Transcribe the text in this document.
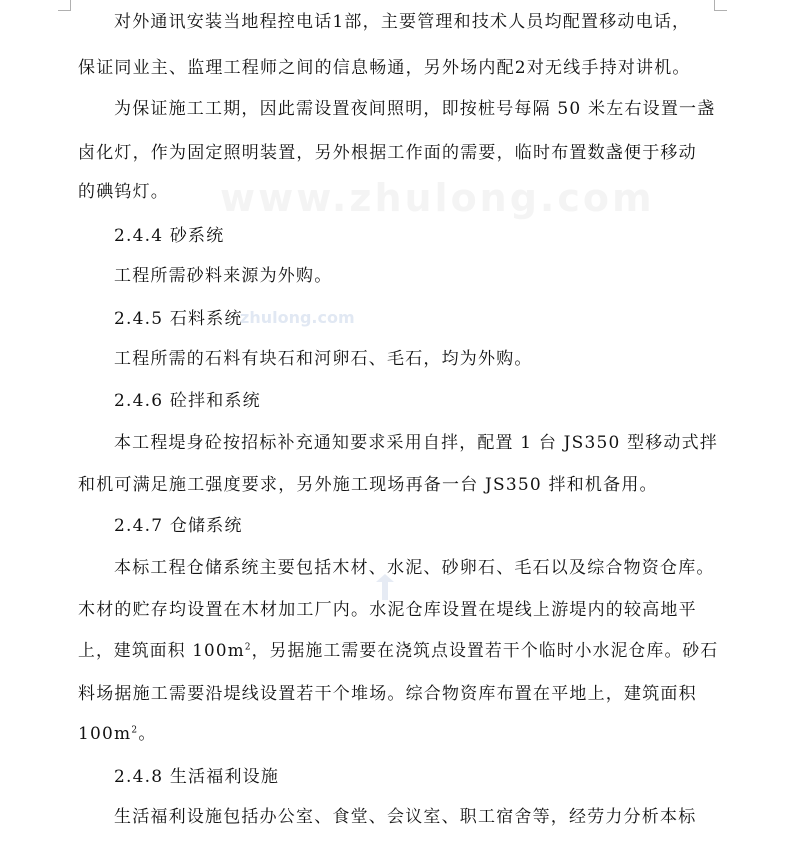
www.zhulong.com
zhulong.com
对外通讯安装当地程控电话1部，主要管理和技术人员均配置移动电话，
保证同业主、监理工程师之间的信息畅通，另外场内配2对无线手持对讲机。
为保证施工工期，因此需设置夜间照明，即按桩号每隔 50 米左右设置一盏
卤化灯，作为固定照明装置，另外根据工作面的需要，临时布置数盏便于移动
的碘钨灯。
2.4.4 砂系统
工程所需砂料来源为外购。
2.4.5 石料系统
工程所需的石料有块石和河卵石、毛石，均为外购。
2.4.6 砼拌和系统
本工程堤身砼按招标补充通知要求采用自拌，配置 1 台 JS350 型移动式拌
和机可满足施工强度要求，另外施工现场再备一台 JS350 拌和机备用。
2.4.7 仓储系统
本标工程仓储系统主要包括木材、水泥、砂卵石、毛石以及综合物资仓库。
木材的贮存均设置在木材加工厂内。水泥仓库设置在堤线上游堤内的较高地平
上，建筑面积 $100m^2$，另据施工需要在浇筑点设置若干个临时小水泥仓库。砂石
料场据施工需要沿堤线设置若干个堆场。综合物资库布置在平地上，建筑面积
$100m^2$。
2.4.8 生活福利设施
生活福利设施包括办公室、食堂、会议室、职工宿舍等，经劳力分析本标
